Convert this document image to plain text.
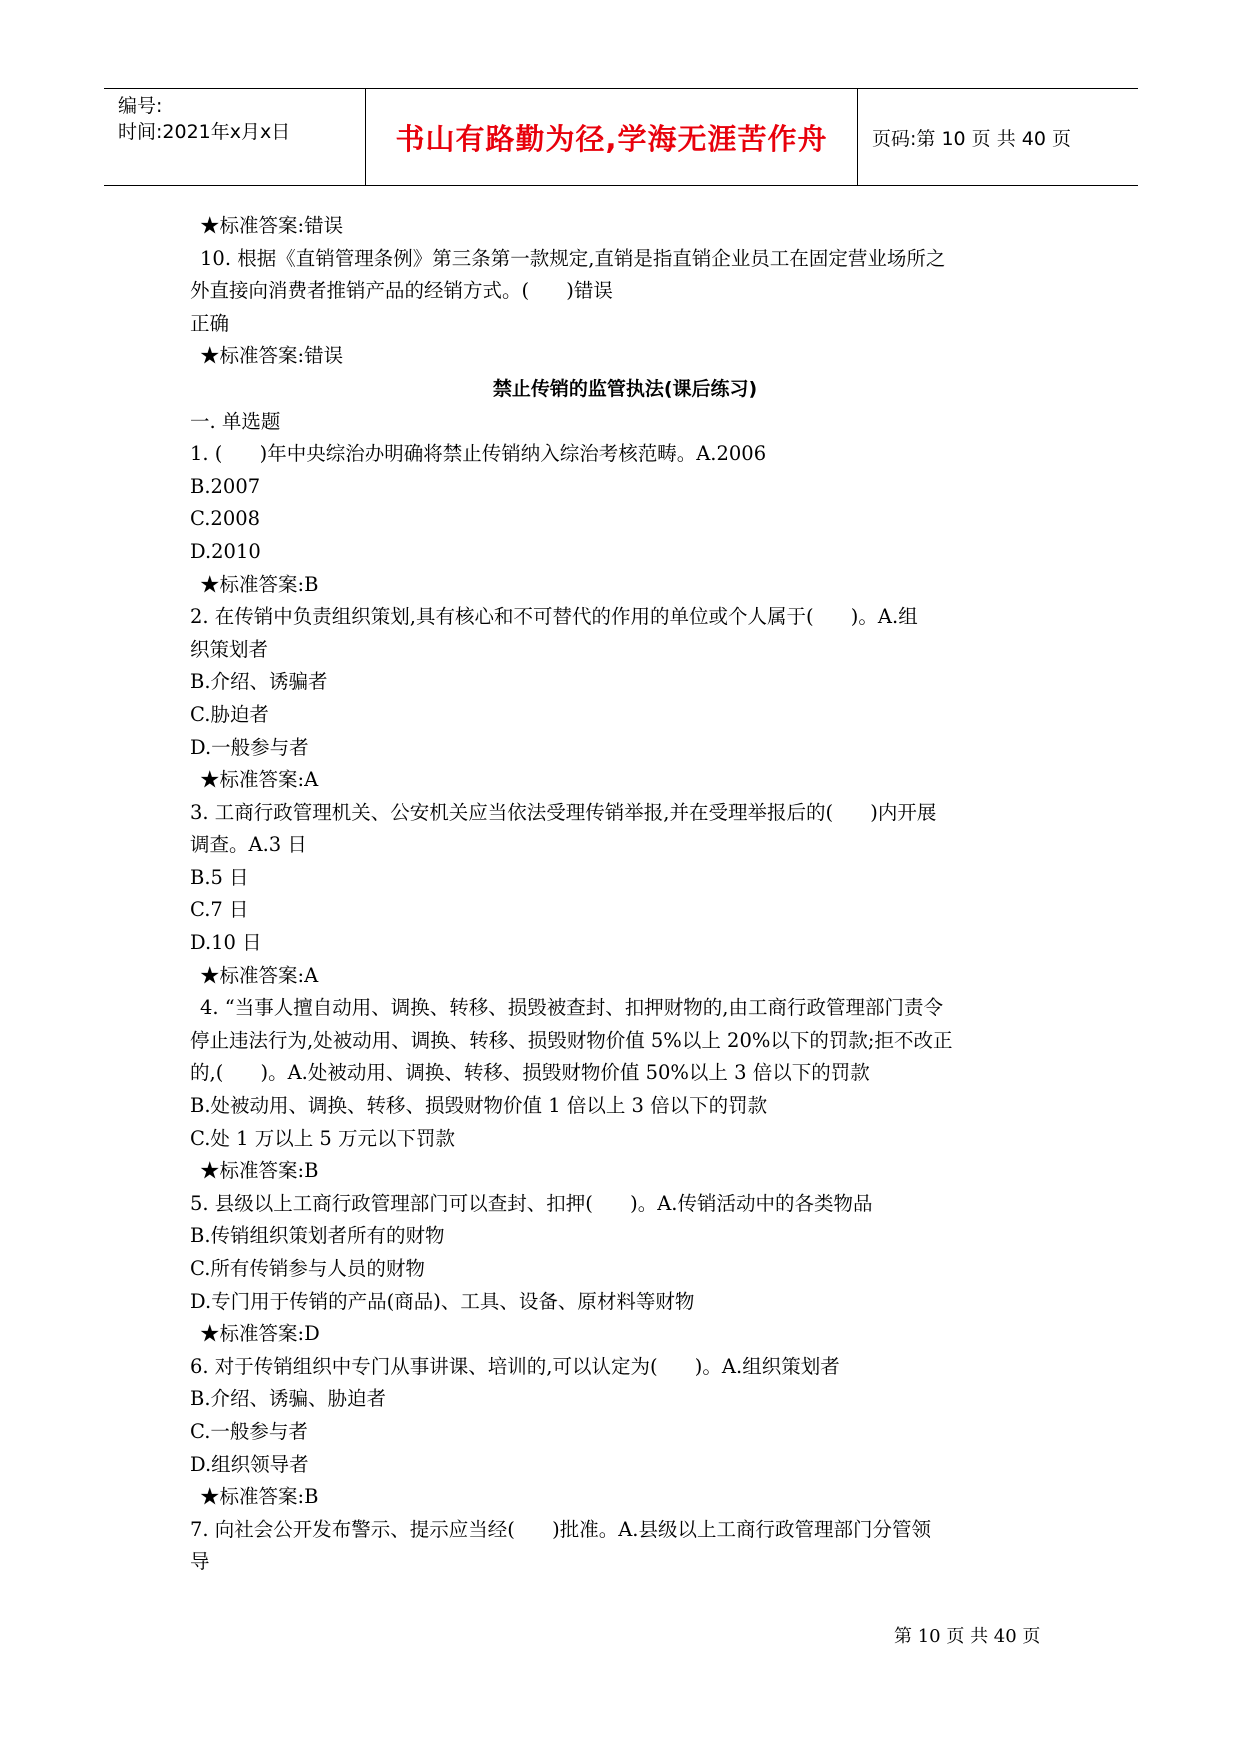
编号:
时间:2021年x月x日	书山有路勤为径,学海无涯苦作舟	页码:第 10 页 共 40 页
★标准答案:错误
10. 根据《直销管理条例》第三条第一款规定,直销是指直销企业员工在固定营业场所之
外直接向消费者推销产品的经销方式。(      )错误
正确
★标准答案:错误
禁止传销的监管执法(课后练习)
一. 单选题
1. (      )年中央综治办明确将禁止传销纳入综治考核范畴。A.2006
B.2007
C.2008
D.2010
★标准答案:B
2. 在传销中负责组织策划,具有核心和不可替代的作用的单位或个人属于(      )。A.组
织策划者
B.介绍、诱骗者
C.胁迫者
D.一般参与者
★标准答案:A
3. 工商行政管理机关、公安机关应当依法受理传销举报,并在受理举报后的(      )内开展
调查。A.3 日
B.5 日
C.7 日
D.10 日
★标准答案:A
4. “当事人擅自动用、调换、转移、损毁被查封、扣押财物的,由工商行政管理部门责令
停止违法行为,处被动用、调换、转移、损毁财物价值 5%以上 20%以下的罚款;拒不改正
的,(      )。A.处被动用、调换、转移、损毁财物价值 50%以上 3 倍以下的罚款
B.处被动用、调换、转移、损毁财物价值 1 倍以上 3 倍以下的罚款
C.处 1 万以上 5 万元以下罚款
★标准答案:B
5. 县级以上工商行政管理部门可以查封、扣押(      )。A.传销活动中的各类物品
B.传销组织策划者所有的财物
C.所有传销参与人员的财物
D.专门用于传销的产品(商品)、工具、设备、原材料等财物
★标准答案:D
6. 对于传销组织中专门从事讲课、培训的,可以认定为(      )。A.组织策划者
B.介绍、诱骗、胁迫者
C.一般参与者
D.组织领导者
★标准答案:B
7. 向社会公开发布警示、提示应当经(      )批准。A.县级以上工商行政管理部门分管领
导
第 10 页 共 40 页
